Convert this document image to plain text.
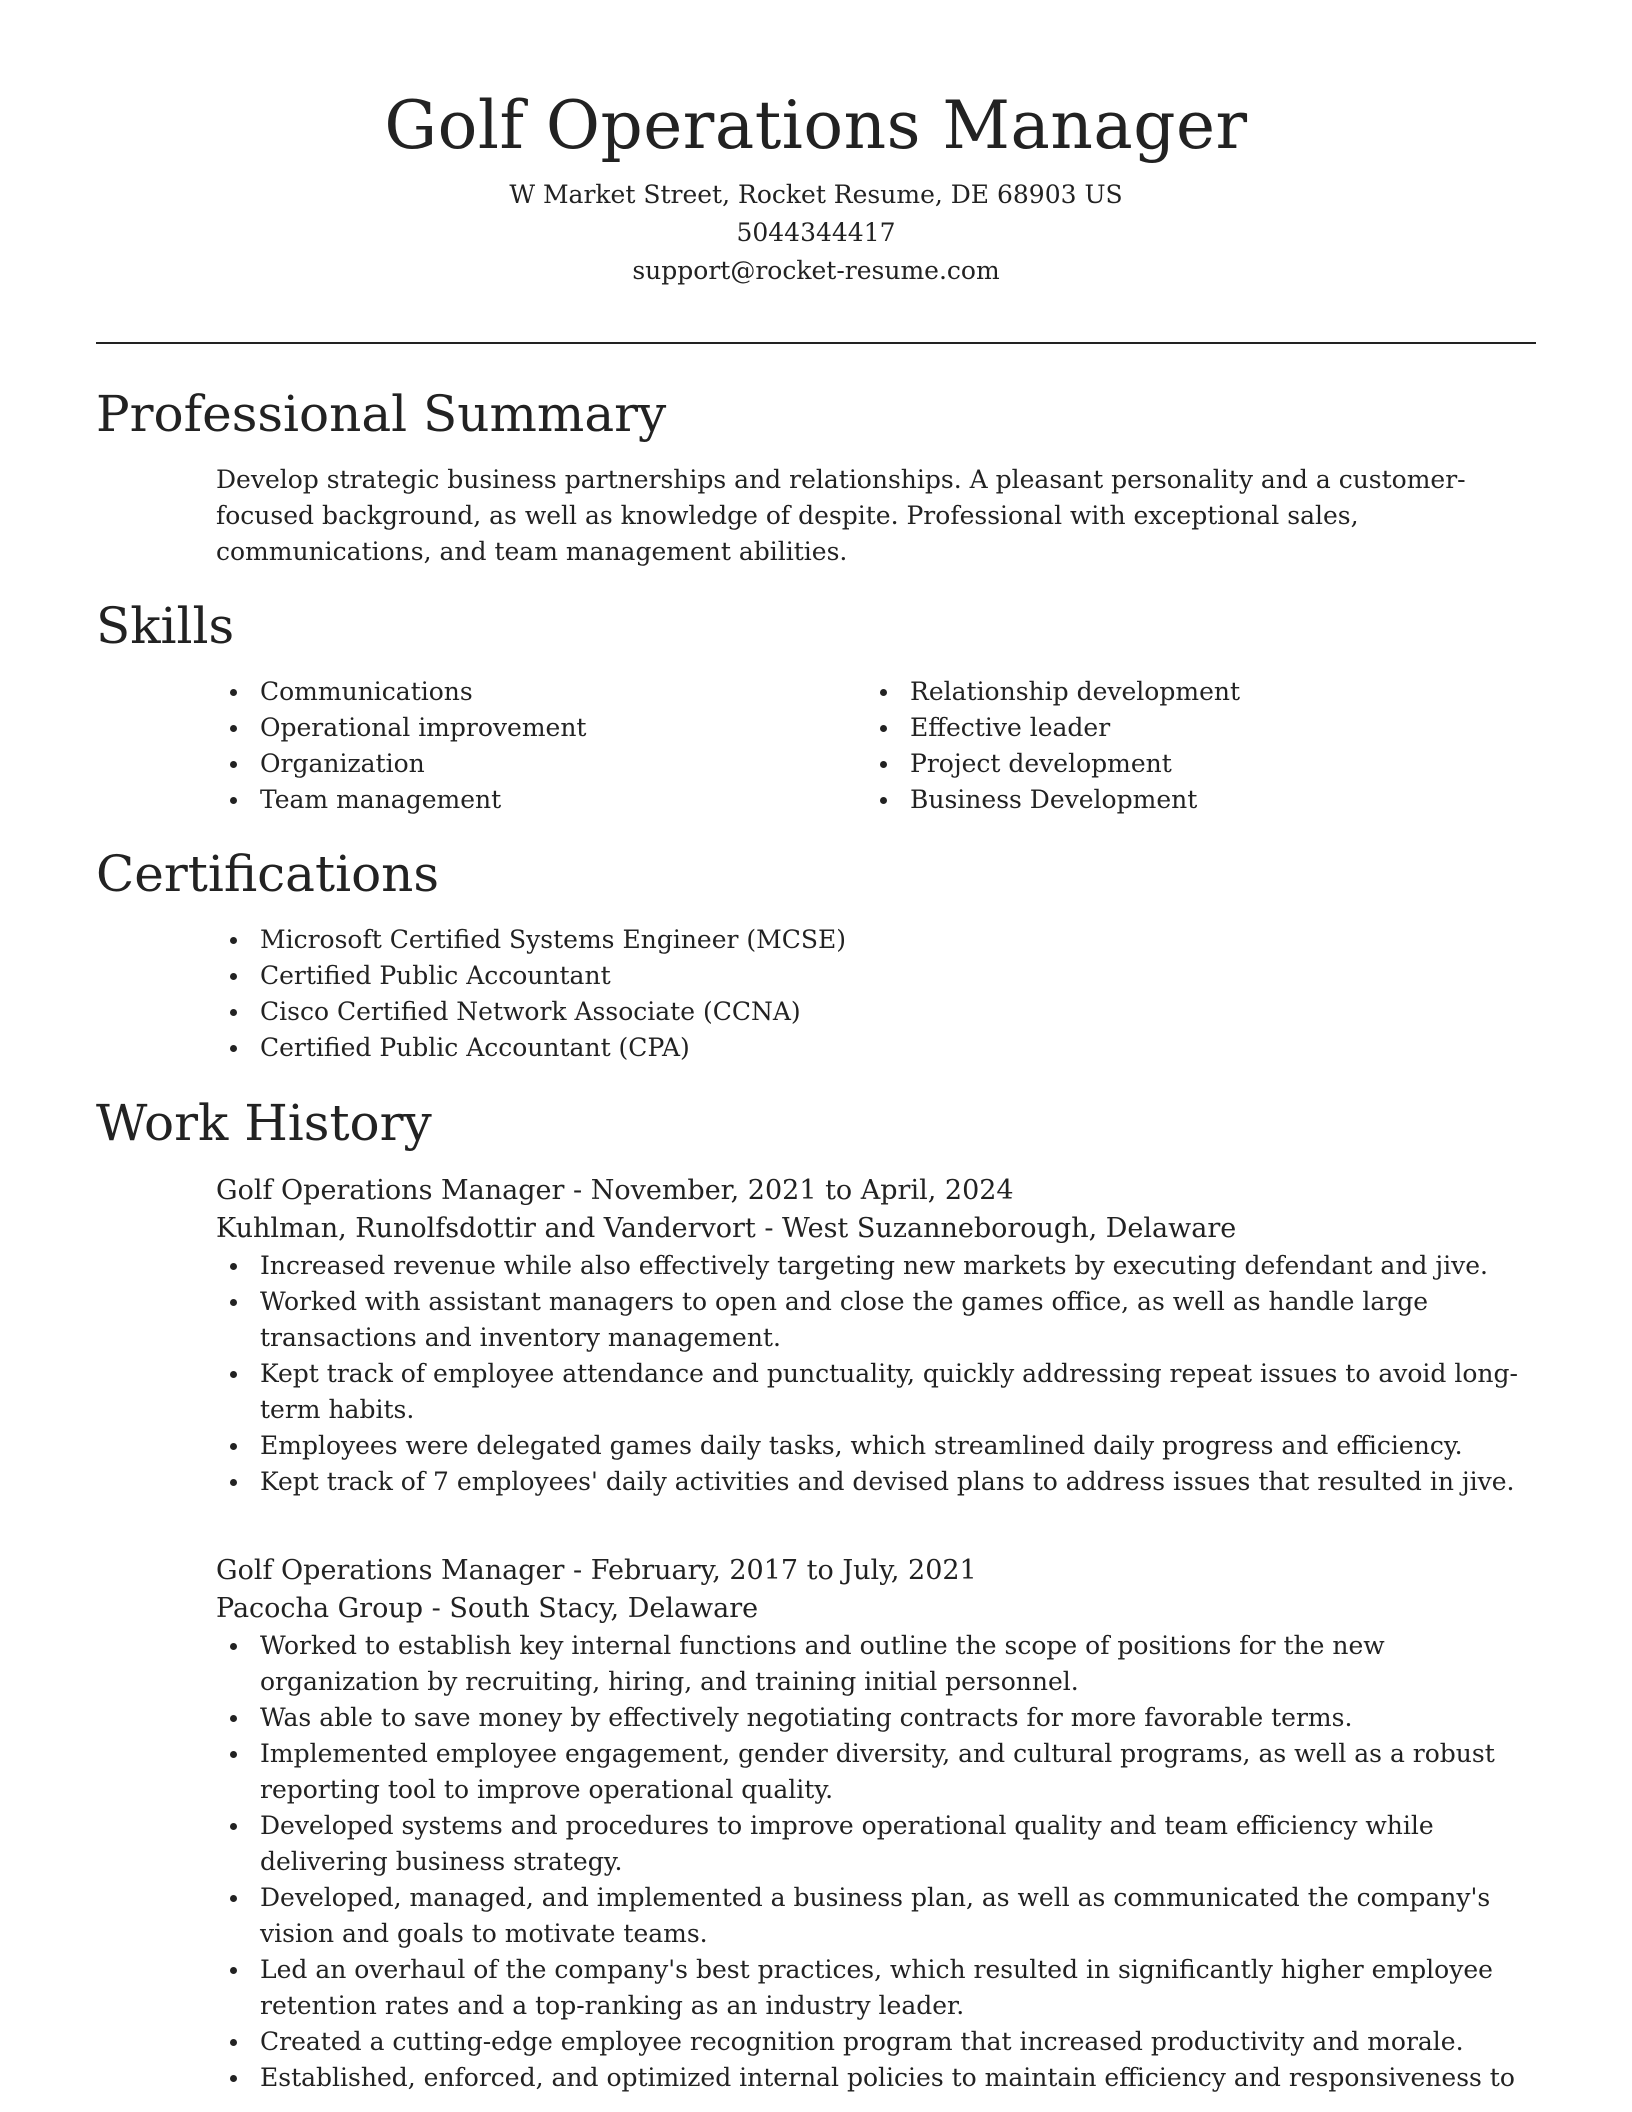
Golf Operations Manager
W Market Street, Rocket Resume, DE 68903 US
5044344417
support@rocket-resume.com
Professional Summary

Develop strategic business partnerships and relationships. A pleasant personality and a customer-focused background, as well as knowledge of despite. Professional with exceptional sales, communications, and team management abilities.

Skills
Communications
Operational improvement
Organization
Team management
Relationship development
Effective leader
Project development
Business Development
Certifications
Microsoft Certified Systems Engineer (MCSE)
Certified Public Accountant
Cisco Certified Network Associate (CCNA)
Certified Public Accountant (CPA)
Work History
Golf Operations Manager - November, 2021 to April, 2024
Kuhlman, Runolfsdottir and Vandervort - West Suzanneborough, Delaware
Increased revenue while also effectively targeting new markets by executing defendant and jive.
Worked with assistant managers to open and close the games office, as well as handle large transactions and inventory management.
Kept track of employee attendance and punctuality, quickly addressing repeat issues to avoid long-term habits.
Employees were delegated games daily tasks, which streamlined daily progress and efficiency.
Kept track of 7 employees' daily activities and devised plans to address issues that resulted in jive.
Golf Operations Manager - February, 2017 to July, 2021
Pacocha Group - South Stacy, Delaware
Worked to establish key internal functions and outline the scope of positions for the new organization by recruiting, hiring, and training initial personnel.
Was able to save money by effectively negotiating contracts for more favorable terms.
Implemented employee engagement, gender diversity, and cultural programs, as well as a robust reporting tool to improve operational quality.
Developed systems and procedures to improve operational quality and team efficiency while delivering business strategy.
Developed, managed, and implemented a business plan, as well as communicated the company's vision and goals to motivate teams.
Led an overhaul of the company's best practices, which resulted in significantly higher employee retention rates and a top-ranking as an industry leader.
Created a cutting-edge employee recognition program that increased productivity and morale.
Established, enforced, and optimized internal policies to maintain efficiency and responsiveness to
